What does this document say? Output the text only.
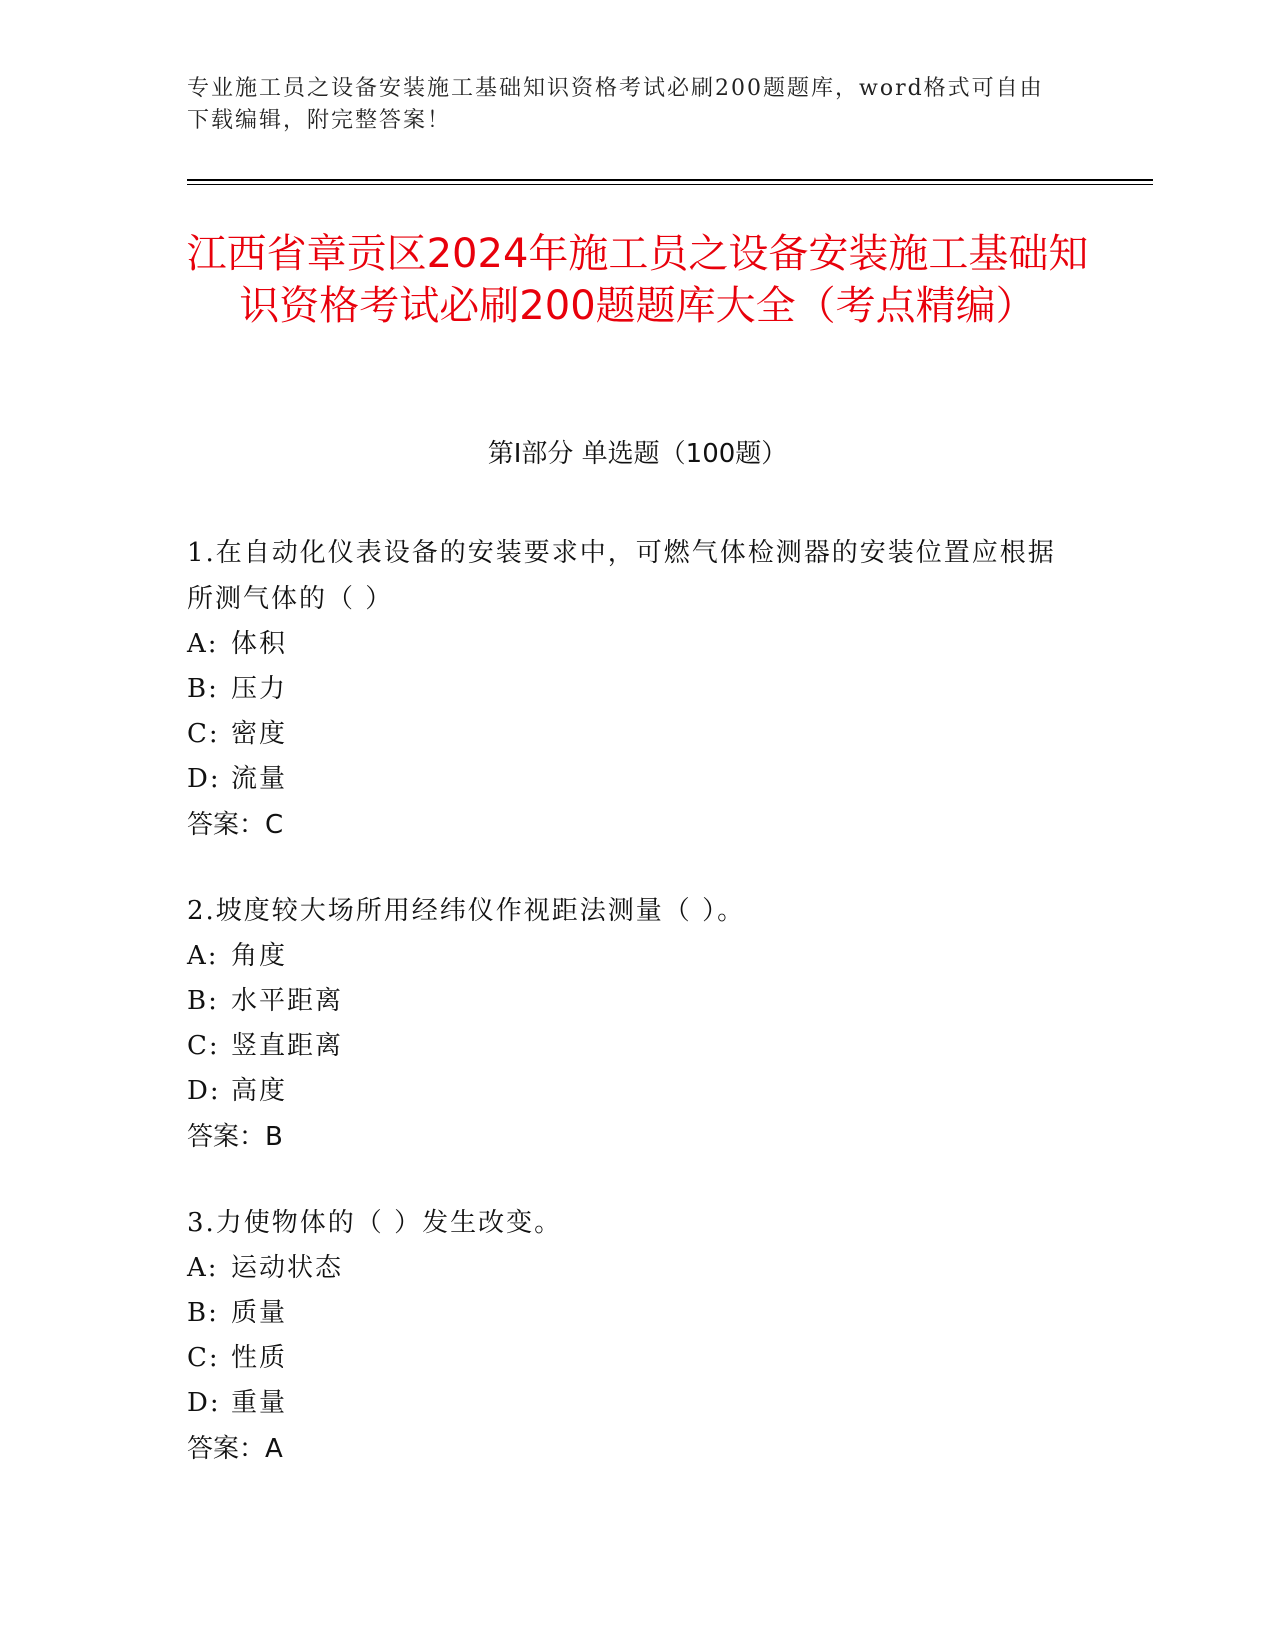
专业施工员之设备安装施工基础知识资格考试必刷200题题库，word格式可自由下载编辑，附完整答案！
江西省章贡区2024年施工员之设备安装施工基础知识资格考试必刷200题题库大全（考点精编）
第Ⅰ部分 单选题（100题）

1.在自动化仪表设备的安装要求中，可燃气体检测器的安装位置应根据所测气体的（ ）

A: 体积

B: 压力

C: 密度

D: 流量

答案：C

2.坡度较大场所用经纬仪作视距法测量（ ）。

A: 角度

B: 水平距离

C: 竖直距离

D: 高度

答案：B

3.力使物体的（ ）发生改变。

A: 运动状态

B: 质量

C: 性质

D: 重量

答案：A
